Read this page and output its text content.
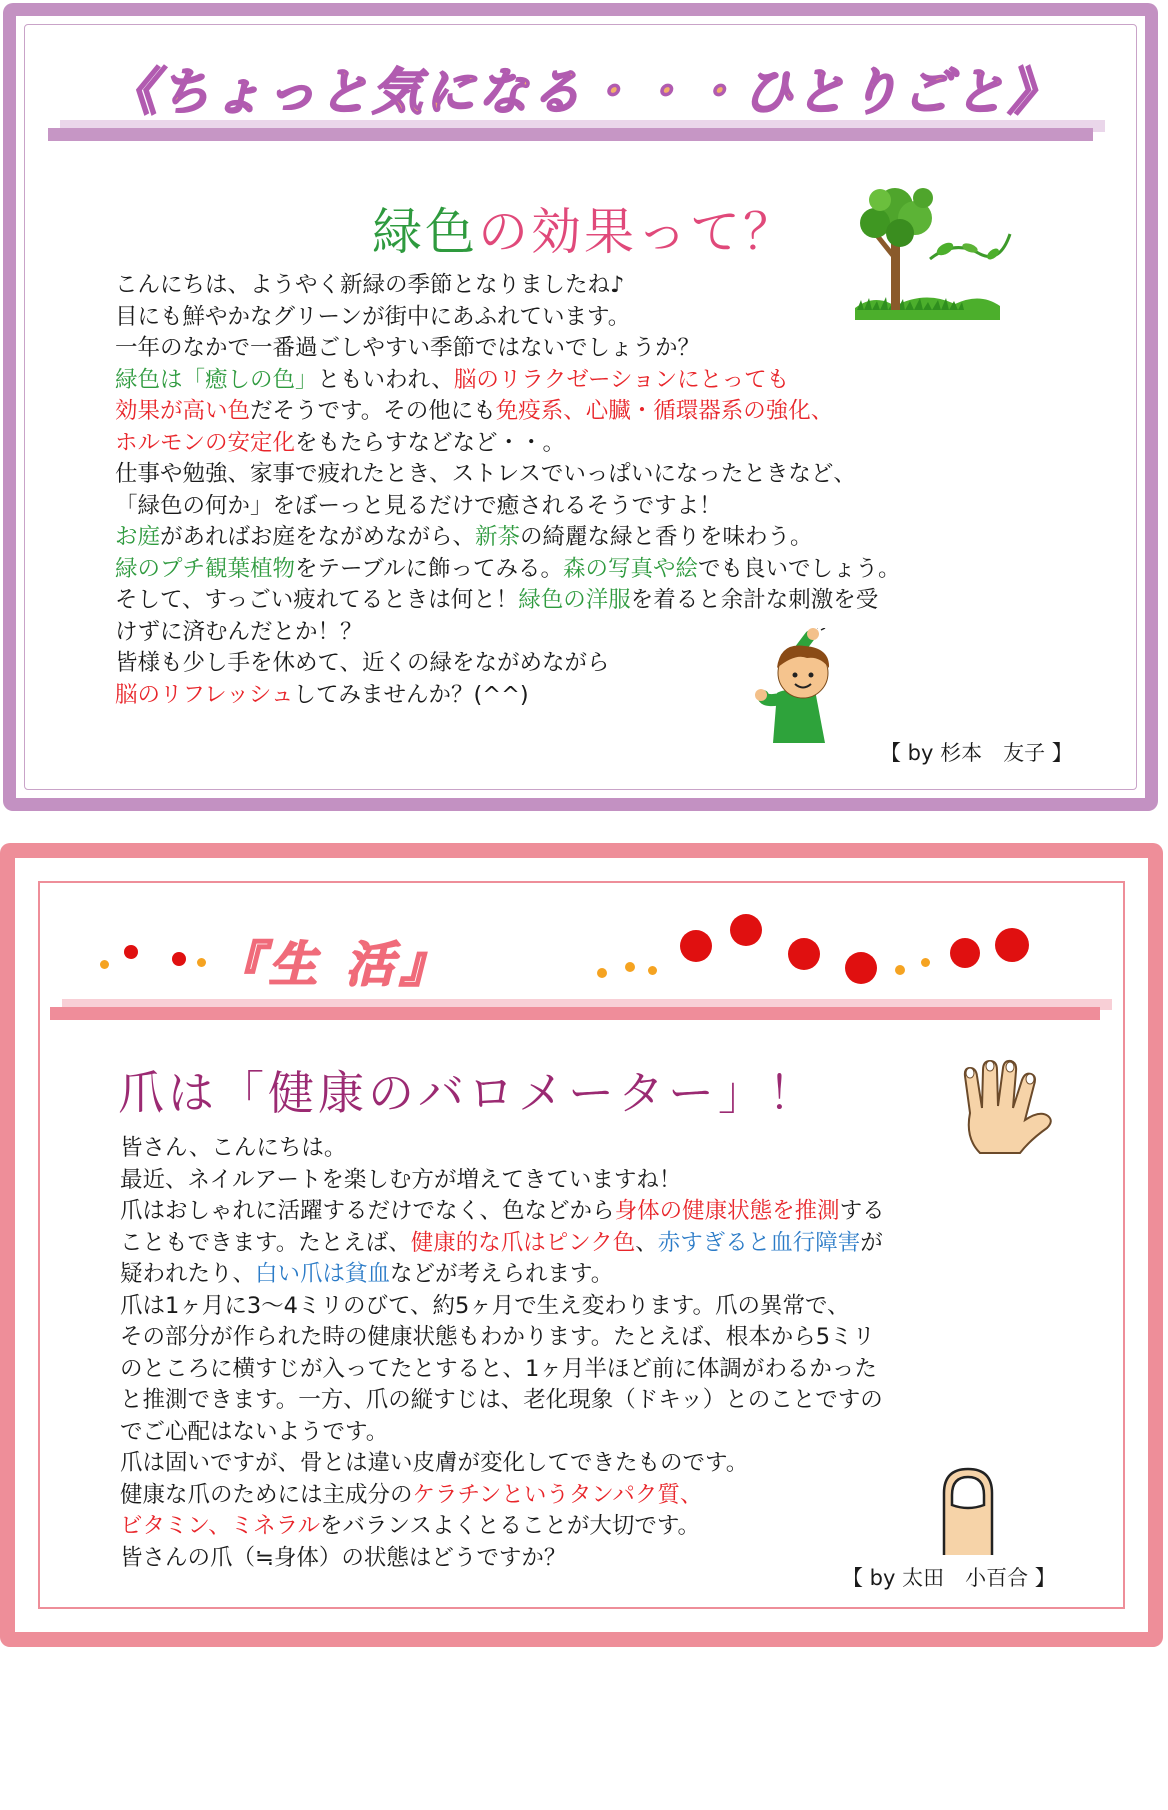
《ちょっと気になる・・・ひとりごと》
緑色の効果って？
こんにちは、ようやく新緑の季節となりましたね♪
目にも鮮やかなグリーンが街中にあふれています。
一年のなかで一番過ごしやすい季節ではないでしょうか？
緑色は「癒しの色」ともいわれ、脳のリラクゼーションにとっても
効果が高い色だそうです。その他にも免疫系、心臓・循環器系の強化、
ホルモンの安定化をもたらすなどなど・・。
仕事や勉強、家事で疲れたとき、ストレスでいっぱいになったときなど、
「緑色の何か」をぼーっと見るだけで癒されるそうですよ！
お庭があればお庭をながめながら、新茶の綺麗な緑と香りを味わう。
緑のプチ観葉植物をテーブルに飾ってみる。森の写真や絵でも良いでしょう。
そして、すっごい疲れてるときは何と！緑色の洋服を着ると余計な刺激を受
けずに済むんだとか！？
皆様も少し手を休めて、近くの緑をながめながら
脳のリフレッシュしてみませんか？(^^)
【 by 杉本　友子 】
『生 活』
爪は「健康のバロメーター」！
皆さん、こんにちは。
最近、ネイルアートを楽しむ方が増えてきていますね！
爪はおしゃれに活躍するだけでなく、色などから身体の健康状態を推測する
こともできます。たとえば、健康的な爪はピンク色、赤すぎると血行障害が
疑われたり、白い爪は貧血などが考えられます。
爪は1ヶ月に3～4ミリのびて、約5ヶ月で生え変わります。爪の異常で、
その部分が作られた時の健康状態もわかります。たとえば、根本から5ミリ
のところに横すじが入ってたとすると、1ヶ月半ほど前に体調がわるかった
と推測できます。一方、爪の縦すじは、老化現象（ドキッ）とのことですの
でご心配はないようです。
爪は固いですが、骨とは違い皮膚が変化してできたものです。
健康な爪のためには主成分のケラチンというタンパク質、
ビタミン、ミネラルをバランスよくとることが大切です。
皆さんの爪（≒身体）の状態はどうですか？
【 by 太田　小百合 】
